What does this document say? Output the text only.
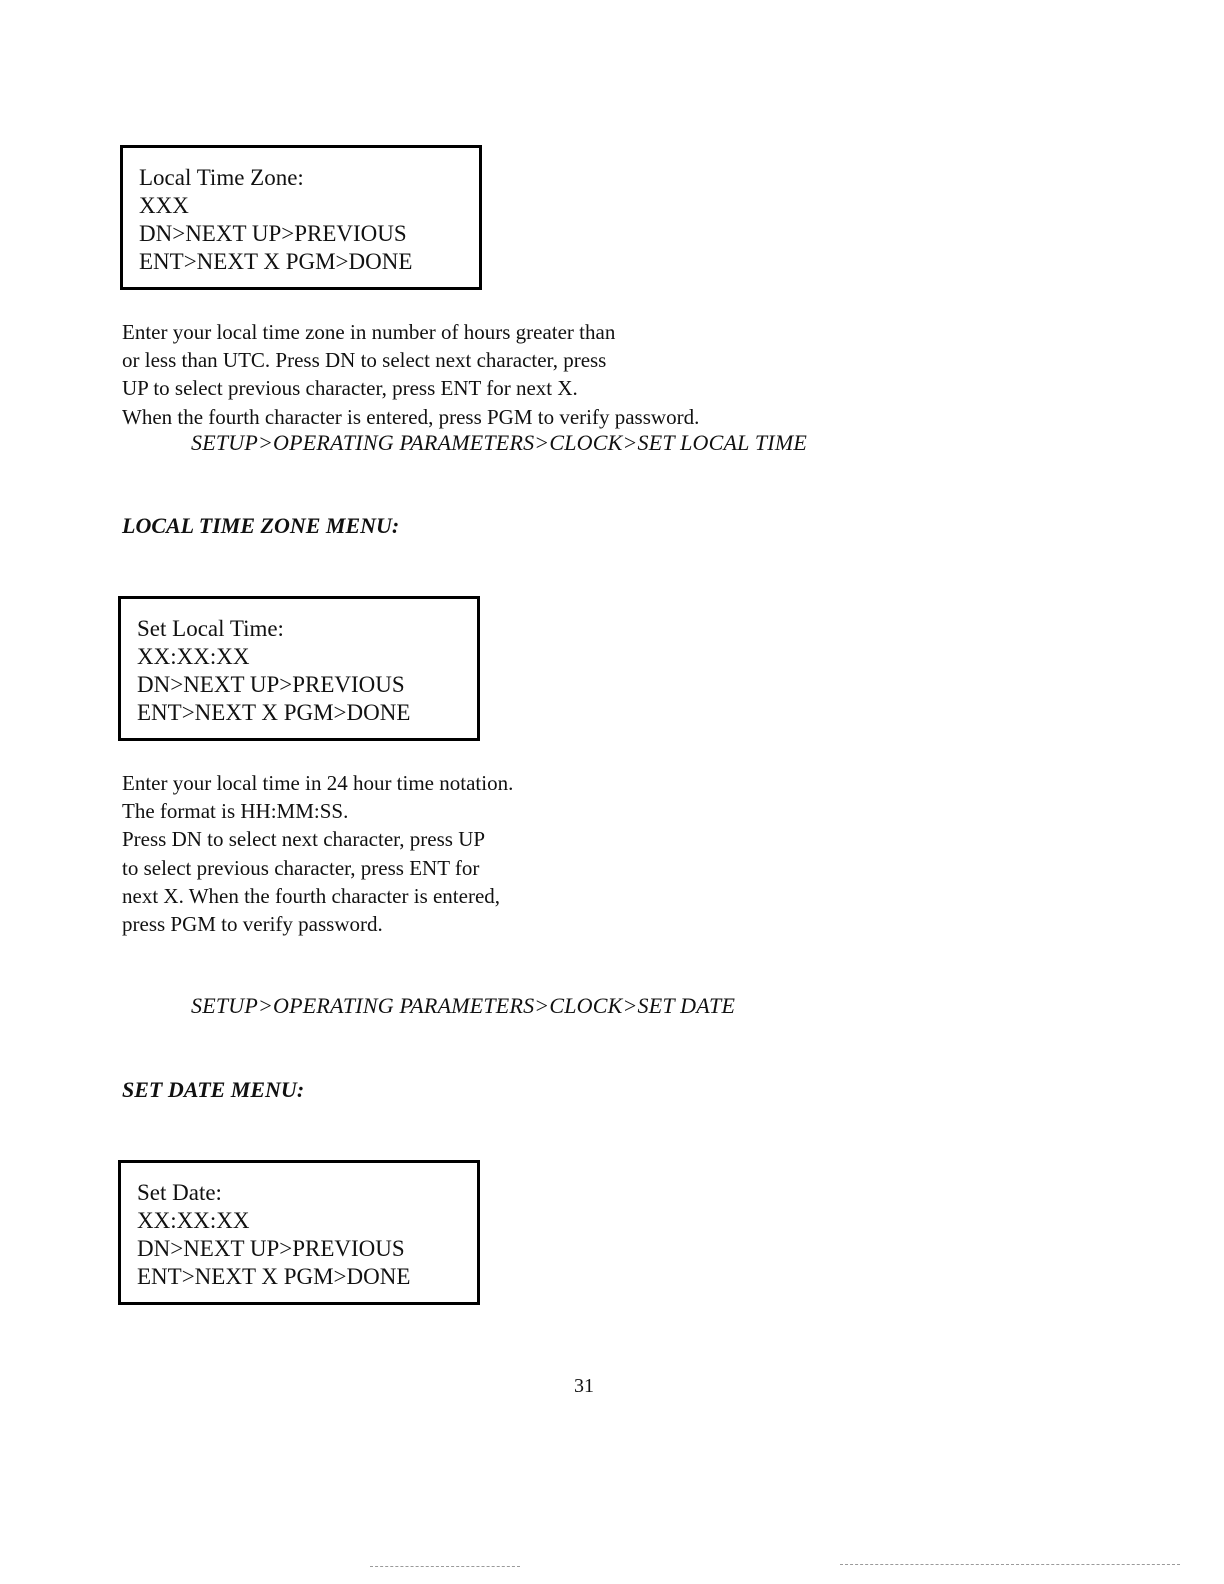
Local Time Zone:
XXX
DN>NEXT UP>PREVIOUS
ENT>NEXT X PGM>DONE
Enter your local time zone in number of hours greater than
or less than UTC. Press DN to select next character, press
UP to select previous character, press ENT for next X.
When the fourth character is entered, press PGM to verify password.
SETUP>OPERATING PARAMETERS>CLOCK>SET LOCAL TIME
LOCAL TIME ZONE MENU:
Set Local Time:
XX:XX:XX
DN>NEXT UP>PREVIOUS
ENT>NEXT X PGM>DONE
Enter your local time in 24 hour time notation.
The format is HH:MM:SS.
Press DN to select next character, press UP
to select previous character, press ENT for
next X. When the fourth character is entered,
press PGM to verify password.
SETUP>OPERATING PARAMETERS>CLOCK>SET DATE
SET DATE MENU:
Set Date:
XX:XX:XX
DN>NEXT UP>PREVIOUS
ENT>NEXT X PGM>DONE
31
